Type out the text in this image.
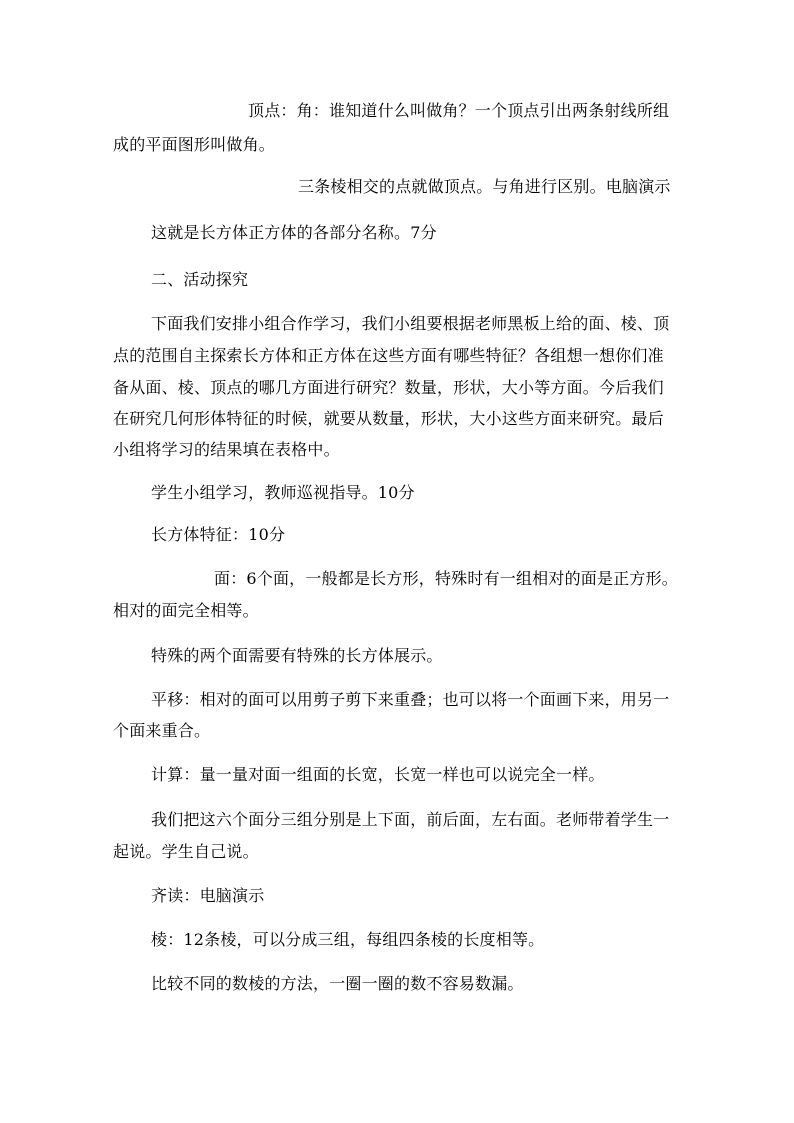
顶点：角：谁知道什么叫做角？一个顶点引出两条射线所组

成的平面图形叫做角。

三条棱相交的点就做顶点。与角进行区别。电脑演示

这就是长方体正方体的各部分名称。7分

二、活动探究

下面我们安排小组合作学习，我们小组要根据老师黑板上给的面、棱、顶

点的范围自主探索长方体和正方体在这些方面有哪些特征？各组想一想你们准

备从面、棱、顶点的哪几方面进行研究？数量，形状，大小等方面。今后我们

在研究几何形体特征的时候，就要从数量，形状，大小这些方面来研究。最后

小组将学习的结果填在表格中。

学生小组学习，教师巡视指导。10分

长方体特征：10分

面：6个面，一般都是长方形，特殊时有一组相对的面是正方形。

相对的面完全相等。

特殊的两个面需要有特殊的长方体展示。

平移：相对的面可以用剪子剪下来重叠；也可以将一个面画下来，用另一

个面来重合。

计算：量一量对面一组面的长宽，长宽一样也可以说完全一样。

我们把这六个面分三组分别是上下面，前后面，左右面。老师带着学生一

起说。学生自己说。

齐读：电脑演示

棱：12条棱，可以分成三组，每组四条棱的长度相等。

比较不同的数棱的方法，一圈一圈的数不容易数漏。
